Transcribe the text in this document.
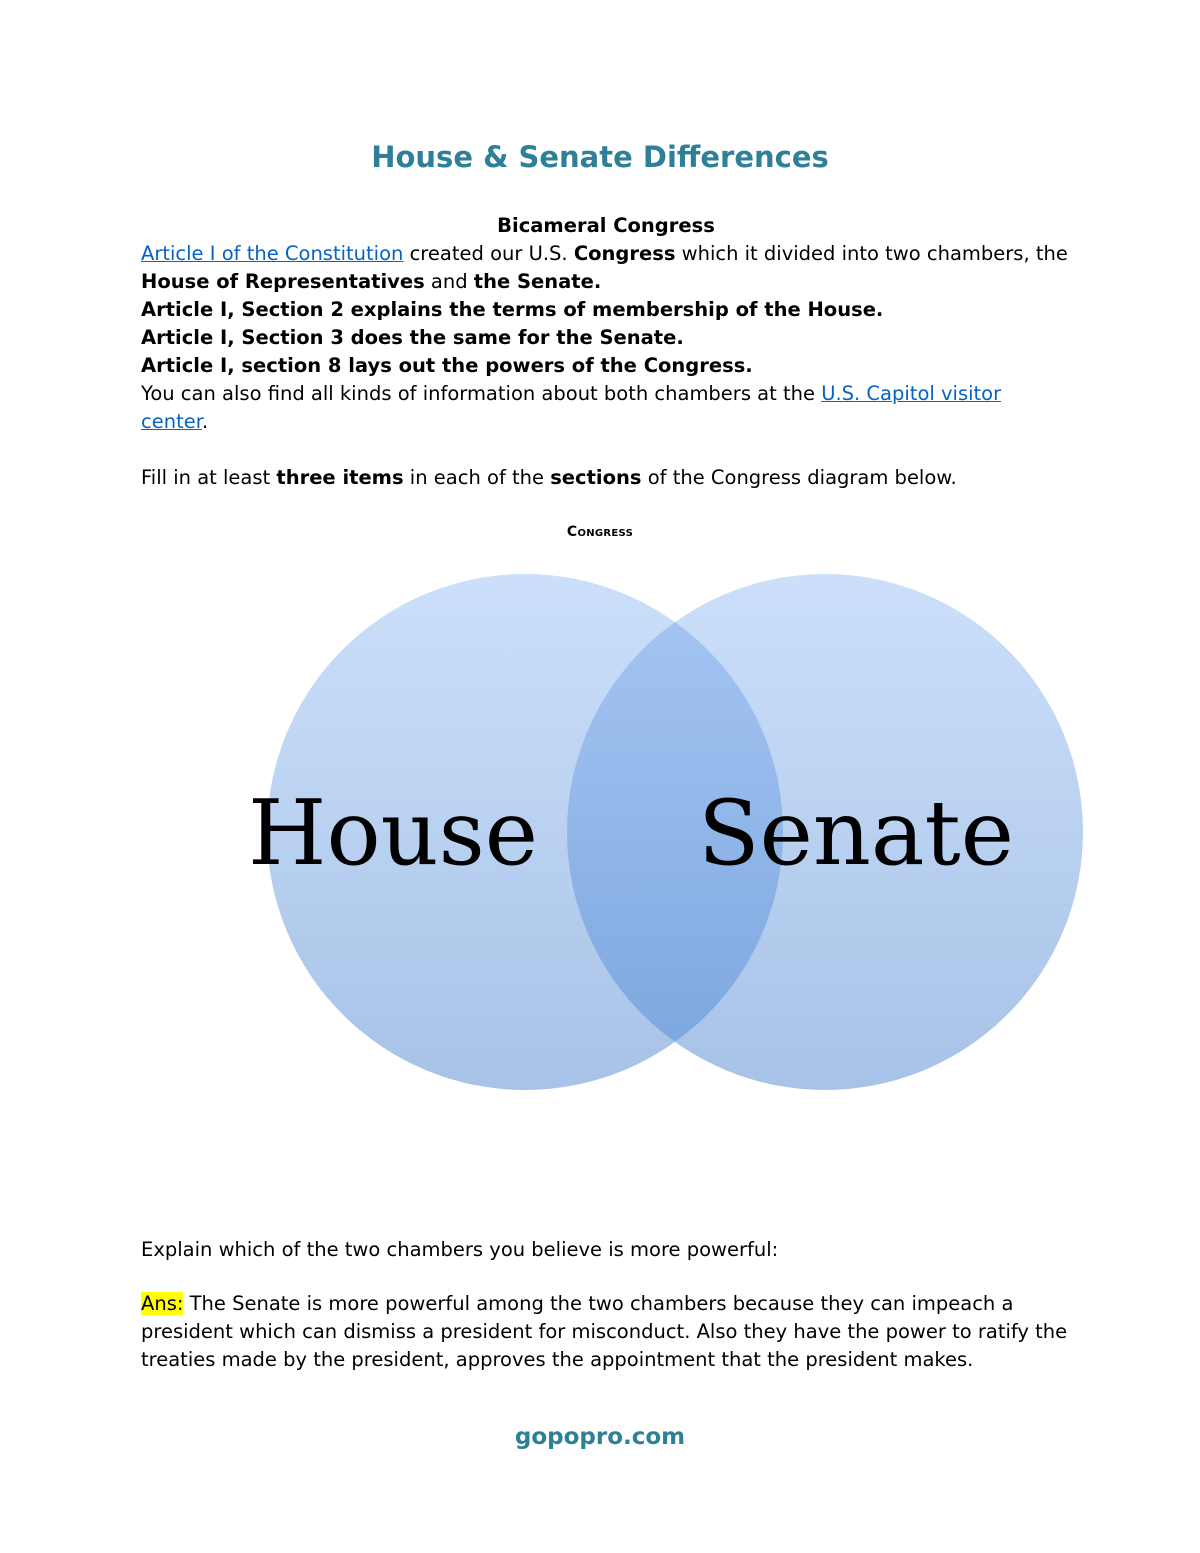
House & Senate Differences

Bicameral Congress

Article I of the Constitution created our U.S. Congress which it divided into two chambers, the House of Representatives and the Senate.

Article I, Section 2 explains the terms of membership of the House.

Article I, Section 3 does the same for the Senate.

Article I, section 8 lays out the powers of the Congress.

You can also find all kinds of information about both chambers at the U.S. Capitol visitor center.

Fill in at least three items in each of the sections of the Congress diagram below.

Congress

House Senate

Explain which of the two chambers you believe is more powerful:

Ans: The Senate is more powerful among the two chambers because they can impeach a president which can dismiss a president for misconduct. Also they have the power to ratify the treaties made by the president, approves the appointment that the president makes.

gopopro.com
